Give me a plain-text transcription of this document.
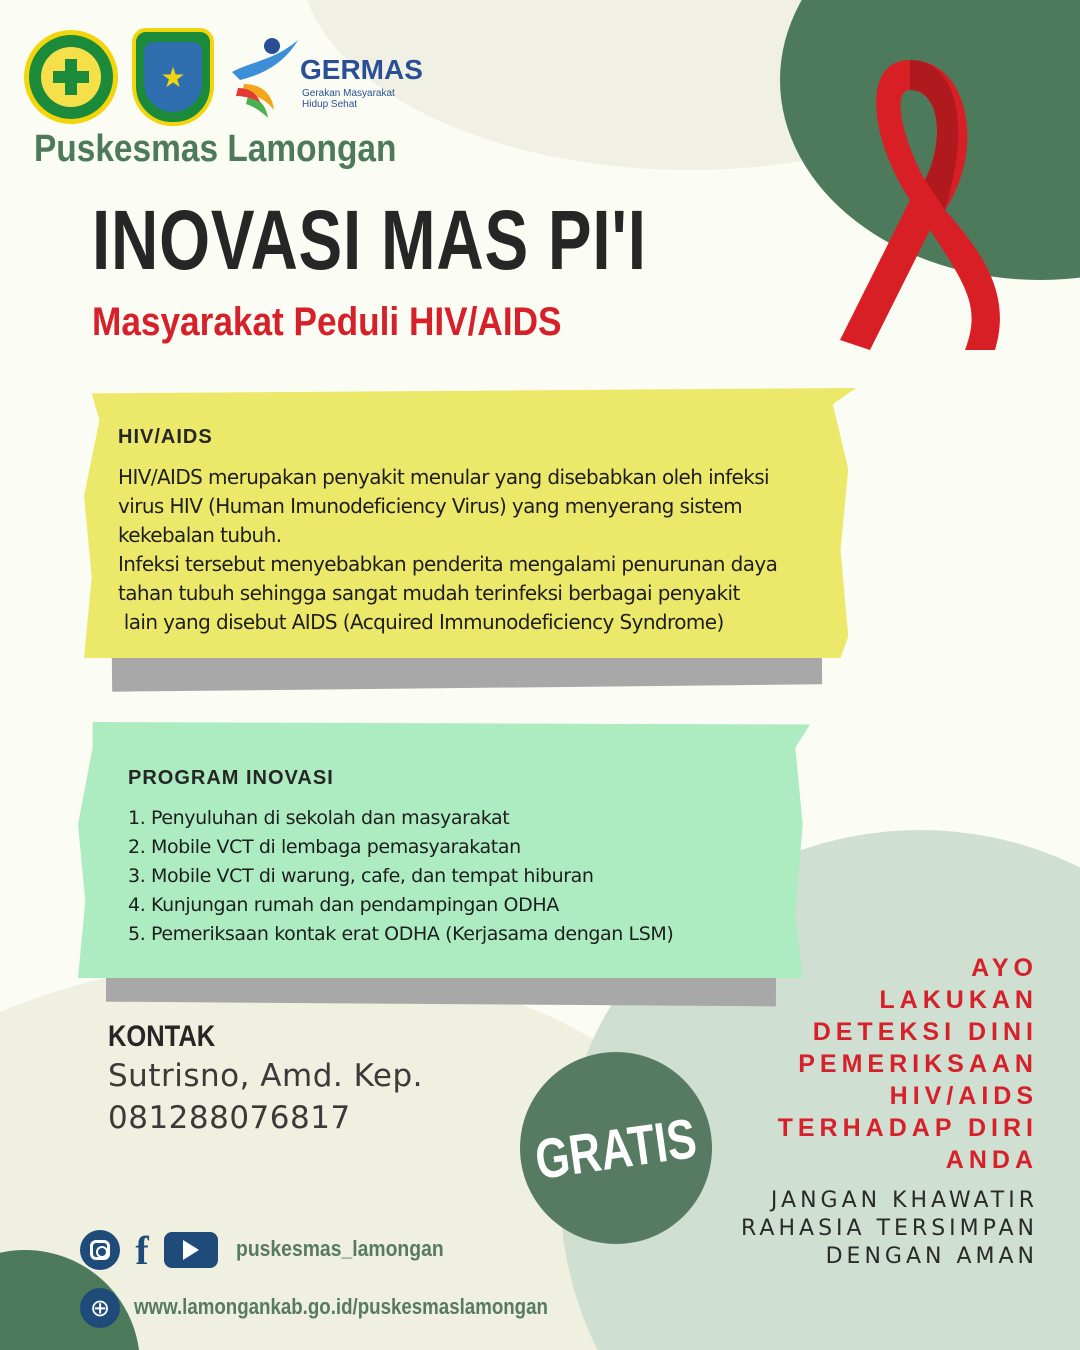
★	GERMAS
Gerakan Masyarakat Hidup Sehat
Puskesmas Lamongan
INOVASI MAS PI'I
Masyarakat Peduli HIV/AIDS
HIV/AIDS

HIV/AIDS merupakan penyakit menular yang disebabkan oleh infeksi

virus HIV (Human Imunodeficiency Virus) yang menyerang sistem

kekebalan tubuh.

Infeksi tersebut menyebabkan penderita mengalami penurunan daya

tahan tubuh sehingga sangat mudah terinfeksi berbagai penyakit

lain yang disebut AIDS (Acquired Immunodeficiency Syndrome)

PROGRAM INOVASI
1. Penyuluhan di sekolah dan masyarakat
2. Mobile VCT di lembaga pemasyarakatan
3. Mobile VCT di warung, cafe, dan tempat hiburan
4. Kunjungan rumah dan pendampingan ODHA
5. Pemeriksaan kontak erat ODHA (Kerjasama dengan LSM)
KONTAK
Sutrisno, Amd. Kep.
081288076817	GRATIS
AYO
LAKUKAN
DETEKSI DINI
PEMERIKSAAN
HIV/AIDS
TERHADAP DIRI
ANDA
JANGAN KHAWATIR
RAHASIA TERSIMPAN
DENGAN AMAN
f	puskesmas_lamongan
⊕	www.lamongankab.go.id/puskesmaslamongan
